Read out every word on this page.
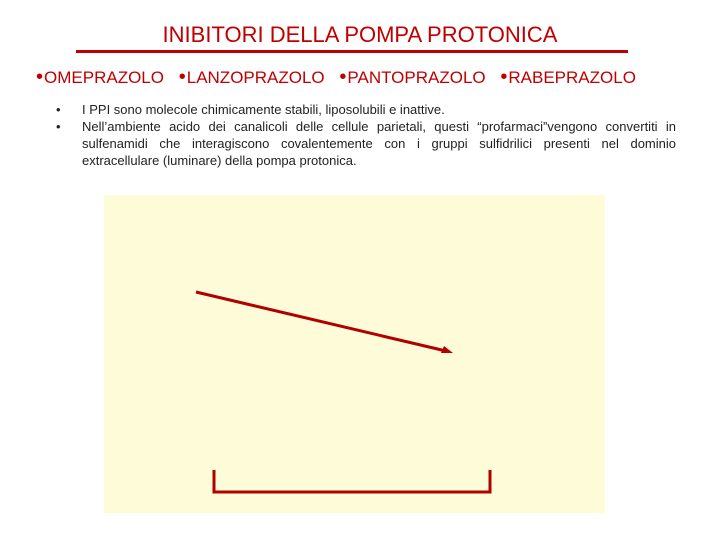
INIBITORI DELLA POMPA PROTONICA
•OMEPRAZOLO •LANZOPRAZOLO •PANTOPRAZOLO •RABEPRAZOLO
•	I PPI sono molecole chimicamente stabili, liposolubili e inattive.
•	Nell’ambiente acido dei canalicoli delle cellule parietali, questi “profarmaci”vengono convertiti in sulfenamidi che interagiscono covalentemente con i gruppi sulfidrilici presenti nel dominio extracellulare (luminare) della pompa protonica.
